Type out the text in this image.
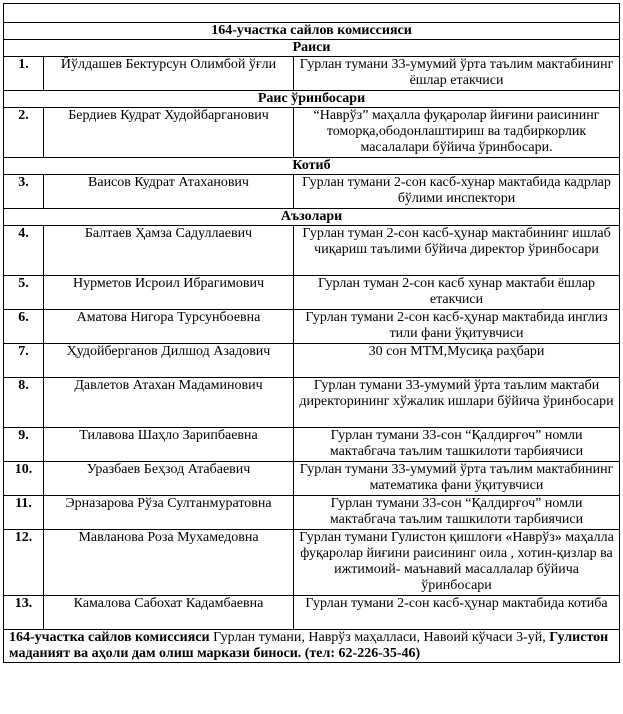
164-участка сайлов комиссияси		
Раиси		
1.	Йўлдашев Бектурсун Олимбой ўғли	Гурлан тумани 33-умумий ўрта таълим мактабининг ёшлар етакчиси
Раис ўринбосари		
2.	Бердиев Кудрат Худойбарганович	“Наврўз” маҳалла фуқаролар йиғини раисининг томорқа,ободонлаштириш ва тадбиркорлик масалалари бўйича ўринбосари.
Котиб		
3.	Ваисов Кудрат Атаханович	Гурлан тумани 2-сон касб-хунар мактабида кадрлар бўлими инспектори
Аъзолари		
4.	Балтаев Ҳамза Садуллаевич	Гурлан туман 2-сон касб-ҳунар мактабининг ишлаб чиқариш таълими бўйича директор ўринбосари
5.	Нурметов Исроил Ибрагимович	Гурлан туман 2-сон касб хунар мактаби ёшлар етакчиси
6.	Аматова Нигора Турсунбоевна	Гурлан тумани 2-сон касб-ҳунар мактабида инглиз тили фани ўқитувчиси
7.	Ҳудойберганов Дилшод Азадович	30 сон МТМ,Мусиқа раҳбари
8.	Давлетов Атахан Мадаминович	Гурлан тумани 33-умумий ўрта таълим мактаби директорининг хўжалик ишлари бўйича ўринбосари
9.	Тилавова Шаҳло Зарипбаевна	Гурлан тумани 33-сон “Қалдирғоч” номли мактабгача таълим ташкилоти тарбиячиси
10.	Уразбаев Беҳзод Атабаевич	Гурлан тумани 33-умумий ўрта таълим мактабининг математика фани ўқитувчиси
11.	Эрназарова Рўза Султанмуратовна	Гурлан тумани 33-сон “Қалдирғоч” номли мактабгача таълим ташкилоти тарбиячиси
12.	Мавланова Роза Мухамедовна	Гурлан тумани Гулистон қишлоғи «Наврўз» маҳалла фуқаролар йиғини раисининг оила , хотин-қизлар ва ижтимоий- маънавий масаллалар бўйича ўринбосари
13.	Камалова Сабохат Кадамбаевна	Гурлан тумани 2-сон касб-ҳунар мактабида котиба
164-участка сайлов комиссияси Гурлан тумани, Наврўз маҳалласи, Навоий кўчаси 3-уй, Гулистон маданият ва аҳоли дам олиш маркази биноси. (тел: 62-226-35-46)		
